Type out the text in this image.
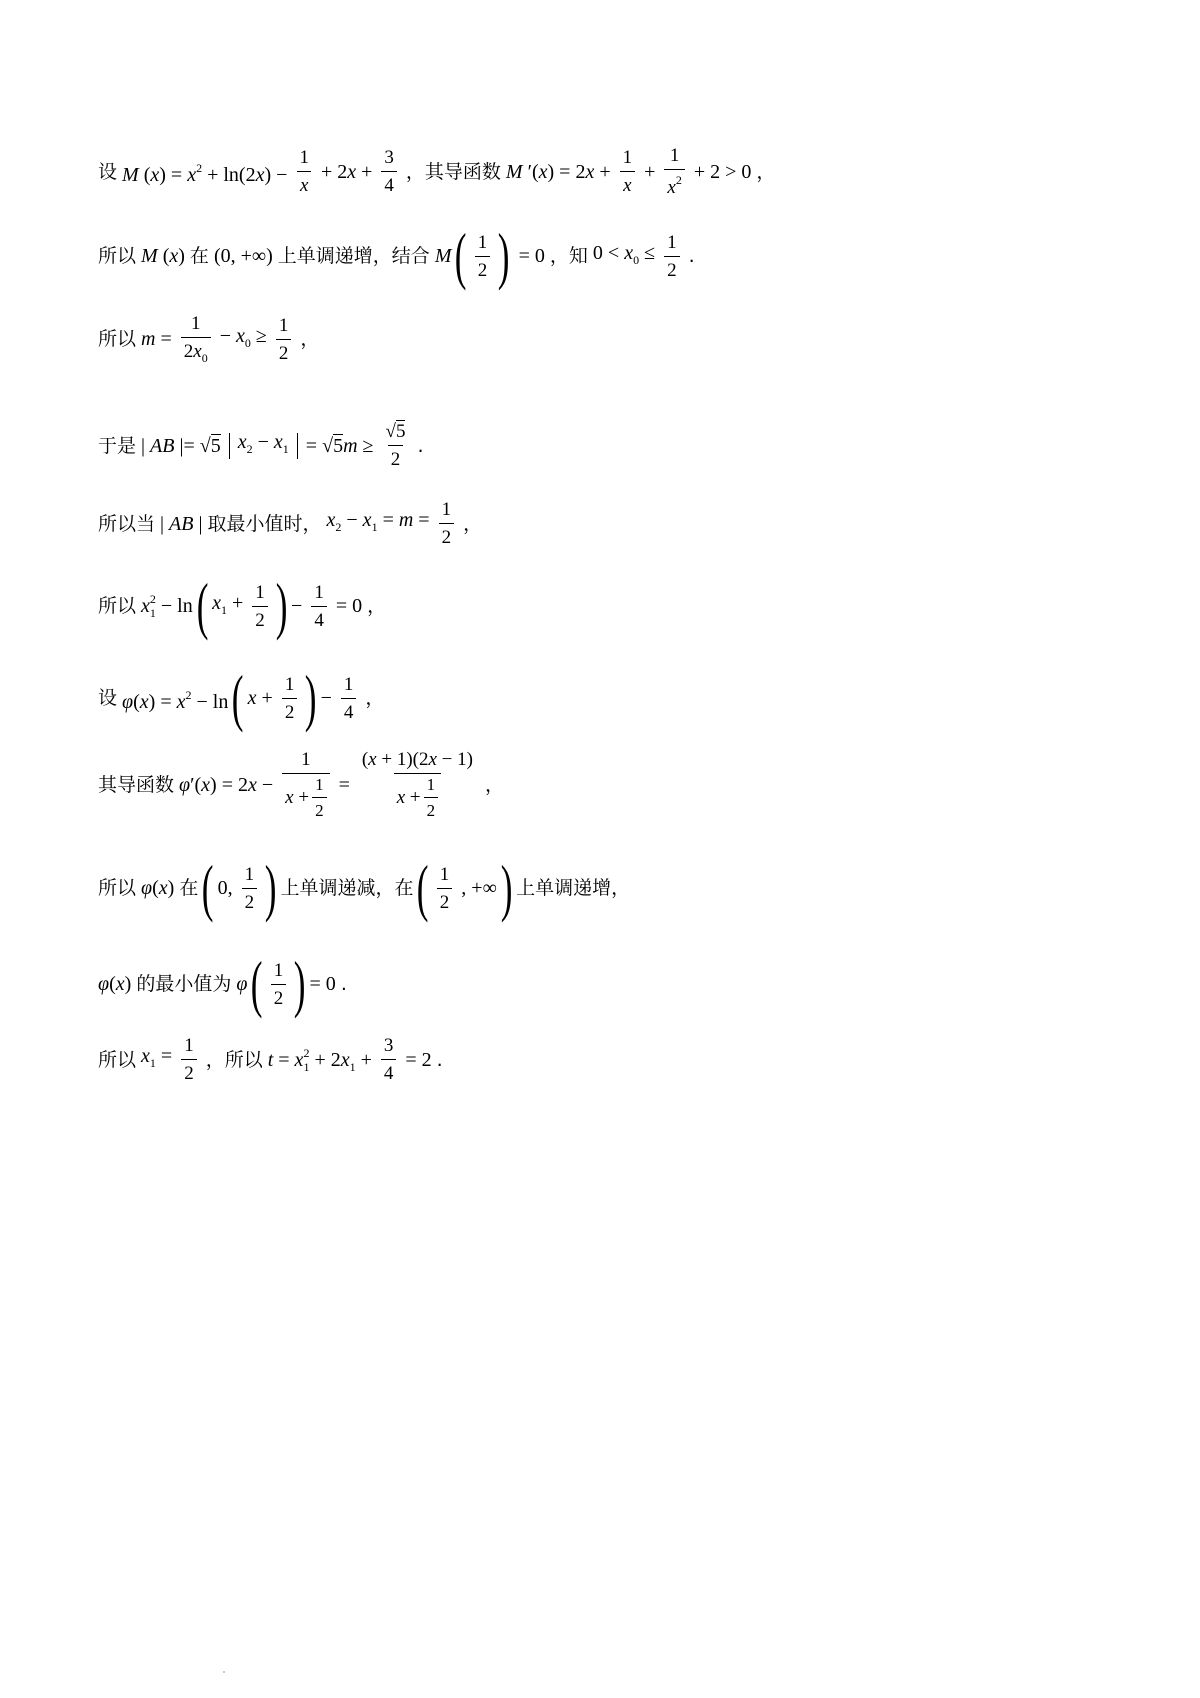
设 M $(x) = x^2 + \ln(2x) - \frac{1}{x} + 2x + \frac{3}{4}$ ，其导函数 M $'(x) = 2x + \frac{1}{x} + \frac{1}{x^2} + 2 > 0$ ，
所以 M (x) 在 (0, +∞) 上单调递增，结合 M ( $\frac{1}{2}$ )  = 0 ，知 $0 < x_0 \le \frac{1}{2}$ .
所以 $m = \frac{1}{2x_0} - x_0 \ge \frac{1}{2}$ ，
于是 | AB |= √5 $x_2 - x_1 = √5m \ge \frac{√5}{2}$ .
所以当 | AB | 取最小值时， $x_2 - x_1 = m = \frac{1}{2}$ ，
所以 $x_1^2 - \ln$ ( $x_1 + \frac{1}{2}$ ) − $\frac{1}{4} = 0$ ，
设 $\varphi(x) = x^2 - \ln$ ( $x + \frac{1}{2}$ ) − $\frac{1}{4}$ ，
其导函数 $\varphi'(x) = 2x - \frac{1}{x + \frac{1}{2}} = \frac{(x + 1)(2x - 1)}{x + \frac{1}{2}}$ ，
所以 φ(x) 在 ( 0, $\frac{1}{2}$ ) 上单调递减，在 ( $\frac{1}{2}$ , +∞ ) 上单调递增，
φ(x) 的最小值为 φ ( $\frac{1}{2}$ ) = 0 .
所以 $x_1 = \frac{1}{2}$ ，所以 $t = x_1^2 + 2x_1 + \frac{3}{4} = 2$ .
